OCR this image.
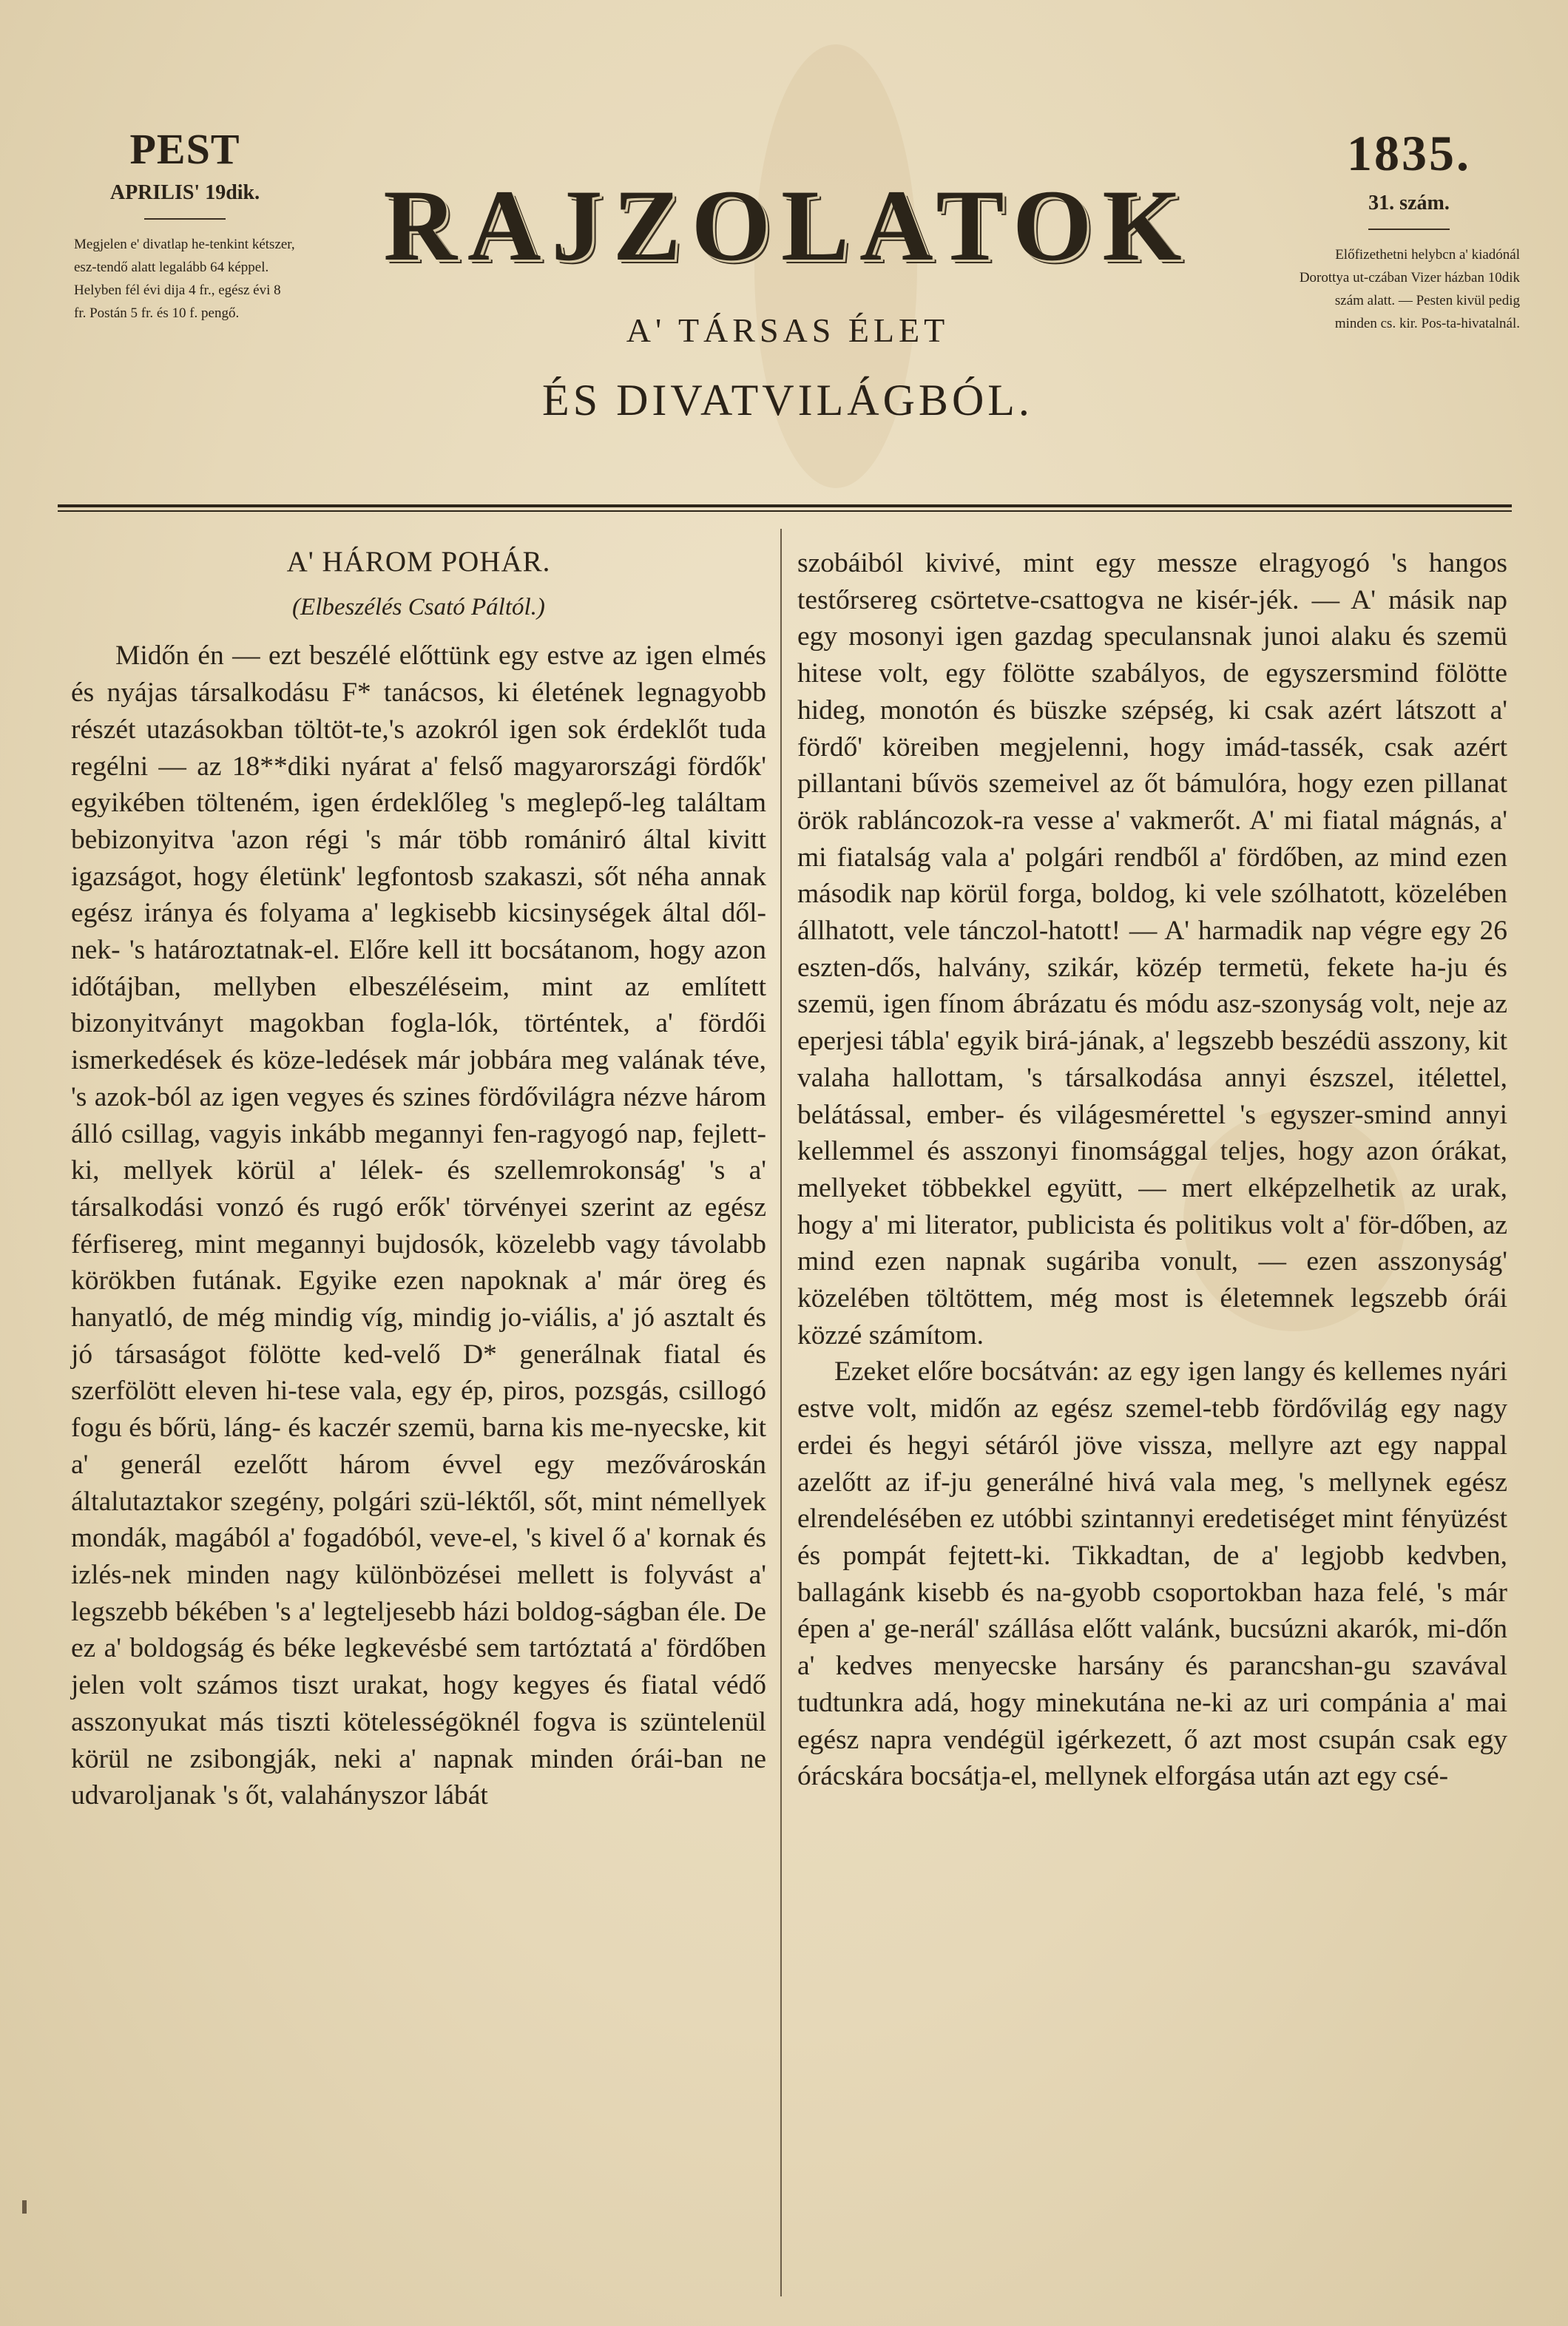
PEST

APRILIS' 19dik.

Megjelen e' divatlap he-tenkint kétszer, esz-tendő alatt legalább 64 képpel. Helyben fél évi dija 4 fr., egész évi 8 fr. Postán 5 fr. és 10 f. pengő.

RAJZOLATOK

A' TÁRSAS ÉLET

ÉS DIVATVILÁGBÓL.

1835.

31. szám.

Előfizethetni helybcn a' kiadónál Dorottya ut-czában Vizer házban 10dik szám alatt. — Pesten kivül pedig minden cs. kir. Pos-ta-hivatalnál.

A' HÁROM POHÁR.

(Elbeszélés Csató Páltól.)

Midőn én — ezt beszélé előttünk egy estve az igen elmés és nyájas társalkodásu F* tanácsos, ki életének legnagyobb részét utazásokban töltöt-te,'s azokról igen sok érdeklőt tuda regélni — az 18**diki nyárat a' felső magyarországi fördők' egyikében tölteném, igen érdeklőleg 's meglepő-leg találtam bebizonyitva 'azon régi 's már több romániró által kivitt igazságot, hogy életünk' legfontosb szakaszi, sőt néha annak egész iránya és folyama a' legkisebb kicsinységek által dől-nek- 's határoztatnak-el. Előre kell itt bocsátanom, hogy azon időtájban, mellyben elbeszéléseim, mint az említett bizonyitványt magokban fogla-lók, történtek, a' fördői ismerkedések és köze-ledések már jobbára meg valának téve, 's azok-ból az igen vegyes és szines fördővilágra nézve három álló csillag, vagyis inkább megannyi fen-ragyogó nap, fejlett-ki, mellyek körül a' lélek- és szellemrokonság' 's a' társalkodási vonzó és rugó erők' törvényei szerint az egész férfisereg, mint megannyi bujdosók, közelebb vagy távolabb körökben futának. Egyike ezen napoknak a' már öreg és hanyatló, de még mindig víg, mindig jo-viális, a' jó asztalt és jó társaságot fölötte ked-velő D* generálnak fiatal és szerfölött eleven hi-tese vala, egy ép, piros, pozsgás, csillogó fogu és bőrü, láng- és kaczér szemü, barna kis me-nyecske, kit a' generál ezelőtt három évvel egy mezővároskán általutaztakor szegény, polgári szü-léktől, sőt, mint némellyek mondák, magából a' fogadóból, veve-el, 's kivel ő a' kornak és izlés-nek minden nagy különbözései mellett is folyvást a' legszebb békében 's a' legteljesebb házi boldog-ságban éle. De ez a' boldogság és béke legkevésbé sem tartóztatá a' fördőben jelen volt számos tiszt urakat, hogy kegyes és fiatal védő asszonyukat más tiszti kötelességöknél fogva is szüntelenül körül ne zsibongják, neki a' napnak minden órái-ban ne udvaroljanak 's őt, valahányszor lábát

szobáiból kivivé, mint egy messze elragyogó 's hangos testőrsereg csörtetve-csattogva ne kisér-jék. — A' másik nap egy mosonyi igen gazdag speculansnak junoi alaku és szemü hitese volt, egy fölötte szabályos, de egyszersmind fölötte hideg, monotón és büszke szépség, ki csak azért látszott a' fördő' köreiben megjelenni, hogy imád-tassék, csak azért pillantani bűvös szemeivel az őt bámulóra, hogy ezen pillanat örök rabláncozok-ra vesse a' vakmerőt. A' mi fiatal mágnás, a' mi fiatalság vala a' polgári rendből a' fördőben, az mind ezen második nap körül forga, boldog, ki vele szólhatott, közelében állhatott, vele tánczol-hatott! — A' harmadik nap végre egy 26 eszten-dős, halvány, szikár, közép termetü, fekete ha-ju és szemü, igen fínom ábrázatu és módu asz-szonyság volt, neje az eperjesi tábla' egyik birá-jának, a' legszebb beszédü asszony, kit valaha hallottam, 's társalkodása annyi észszel, itélettel, belátással, ember- és világesmérettel 's egyszer-smind annyi kellemmel és asszonyi finomsággal teljes, hogy azon órákat, mellyeket többekkel együtt, — mert elképzelhetik az urak, hogy a' mi literator, publicista és politikus volt a' för-dőben, az mind ezen napnak sugáriba vonult, — ezen asszonyság' közelében töltöttem, még most is életemnek legszebb órái közzé számítom.

Ezeket előre bocsátván: az egy igen langy és kellemes nyári estve volt, midőn az egész szemel-tebb fördővilág egy nagy erdei és hegyi sétáról jöve vissza, mellyre azt egy nappal azelőtt az if-ju generálné hivá vala meg, 's mellynek egész elrendelésében ez utóbbi szintannyi eredetiséget mint fényüzést és pompát fejtett-ki. Tikkadtan, de a' legjobb kedvben, ballagánk kisebb és na-gyobb csoportokban haza felé, 's már épen a' ge-nerál' szállása előtt valánk, bucsúzni akarók, mi-dőn a' kedves menyecske harsány és parancshan-gu szavával tudtunkra adá, hogy minekutána ne-ki az uri compánia a' mai egész napra vendégül igérkezett, ő azt most csupán csak egy órácskára bocsátja-el, mellynek elforgása után azt egy csé-
